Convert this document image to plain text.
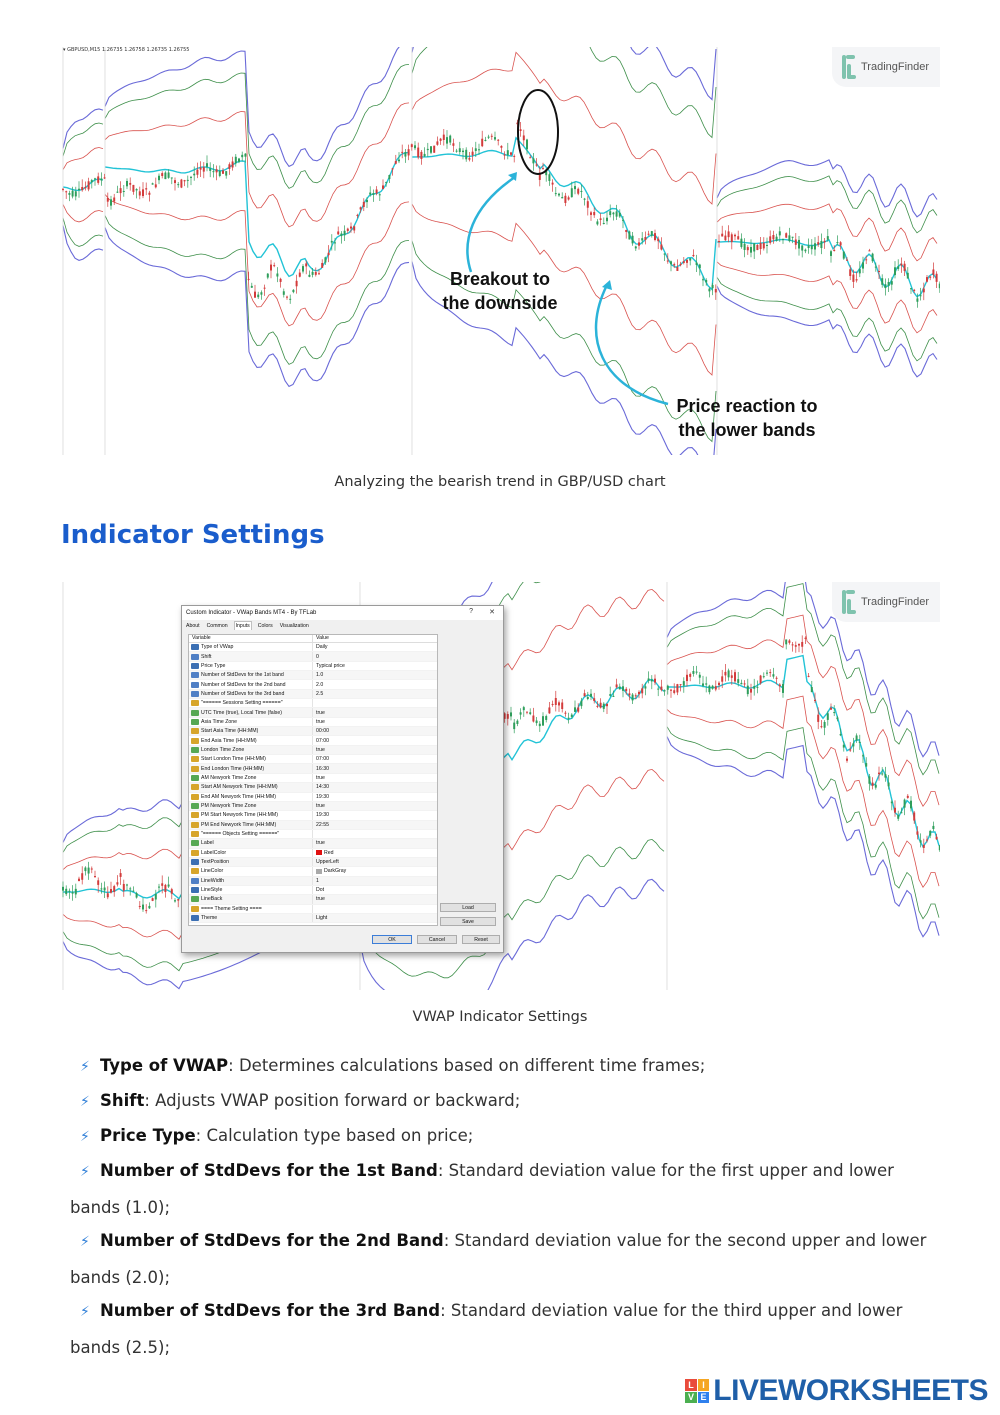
▾ GBPUSD,M15 1.26735 1.26758 1.26735 1.26755
TradingFinder
Breakout to
the downside
Price reaction to
the lower bands
Analyzing the bearish trend in GBP/USD chart
Indicator Settings
TradingFinder
Custom Indicator - VWap Bands MT4 - By TFLab	? ✕
About Common	Inputs	Colors Visualization
Variable	Value
Type of VWap	Daily
Shift	0
Price Type	Typical price
Number of StdDevs for the 1st band	1.0
Number of StdDevs for the 2nd band	2.0
Number of StdDevs for the 3rd band	2.5
"====== Sessions Setting ======"
UTC Time (true), Local Time (false)	true
Asia Time Zone	true
Start Asia Time (HH:MM)	00:00
End Asia Time (HH:MM)	07:00
London Time Zone	true
Start London Time (HH:MM)	07:00
End London Time (HH:MM)	16:30
AM Newyork Time Zone	true
Start AM Newyork Time (HH:MM)	14:30
End AM Newyork Time (HH:MM)	19:30
PM Newyork Time Zone	true
PM Start Newyork Time (HH:MM)	19:30
PM End Newyork Time (HH:MM)	22:55
"====== Objects Setting ======"
Label	true
LabelColor	Red
TextPosition	UpperLeft
LineColor	DarkGray
LineWidth	1
LineStyle	Dot
LineBack	true
==== Theme Setting ====
Theme	Light
Load
Save
OK	Cancel	Reset
VWAP Indicator Settings
⚡ Type of VWAP: Determines calculations based on different time frames;
⚡ Shift: Adjusts VWAP position forward or backward;
⚡ Price Type: Calculation type based on price;
⚡ Number of StdDevs for the 1st Band: Standard deviation value for the first upper and lower
bands (1.0);
⚡ Number of StdDevs for the 2nd Band: Standard deviation value for the second upper and lower
bands (2.0);
⚡ Number of StdDevs for the 3rd Band: Standard deviation value for the third upper and lower
bands (2.5);
L I
V E LIVEWORKSHEETS
